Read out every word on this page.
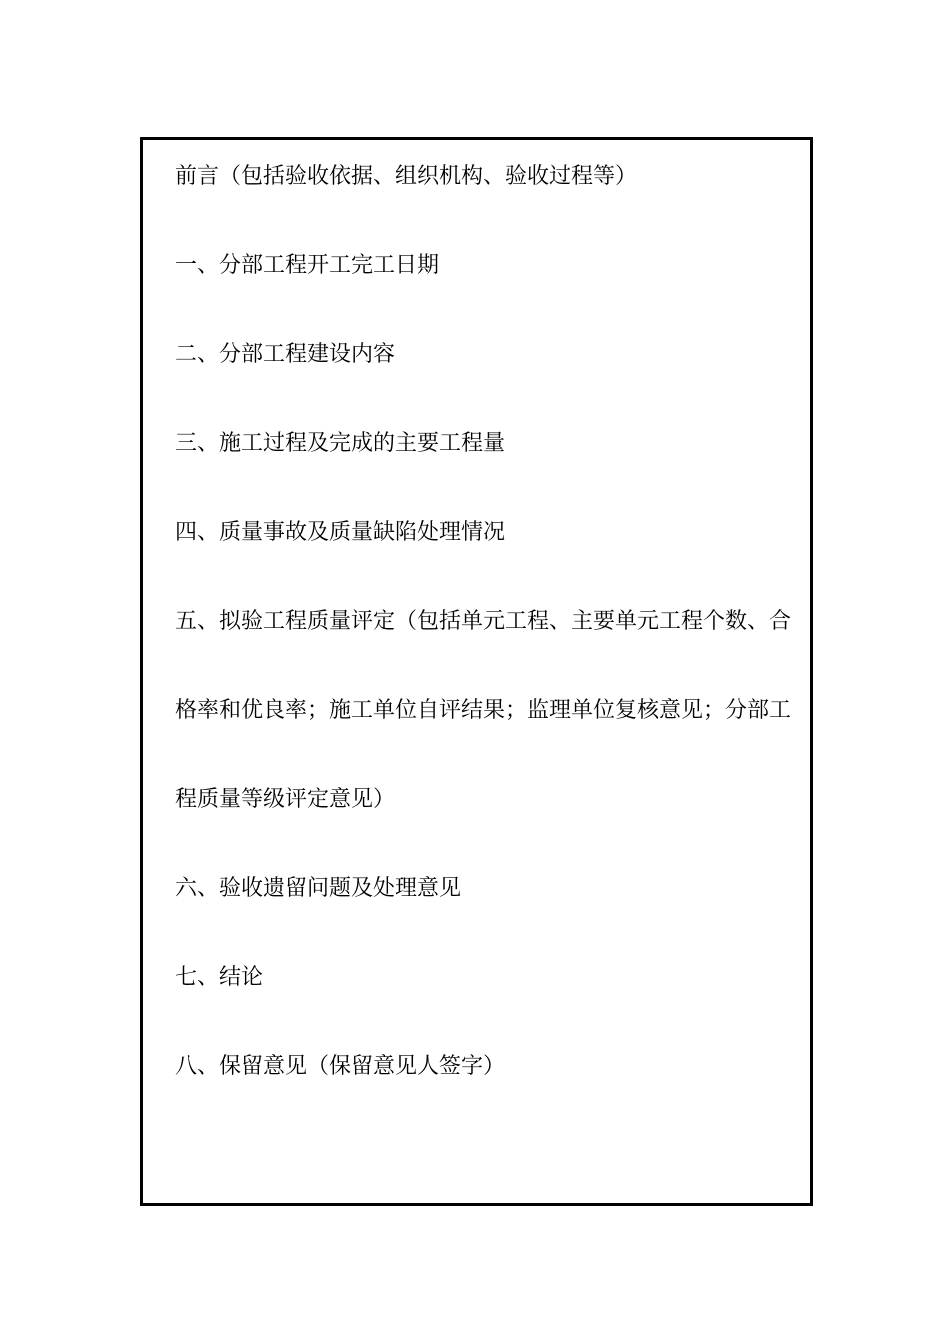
前言（包括验收依据、组织机构、验收过程等）
一、分部工程开工完工日期
二、分部工程建设内容
三、施工过程及完成的主要工程量
四、质量事故及质量缺陷处理情况
五、拟验工程质量评定（包括单元工程、主要单元工程个数、合
格率和优良率；施工单位自评结果；监理单位复核意见；分部工
程质量等级评定意见）
六、验收遗留问题及处理意见
七、结论
八、保留意见（保留意见人签字）
